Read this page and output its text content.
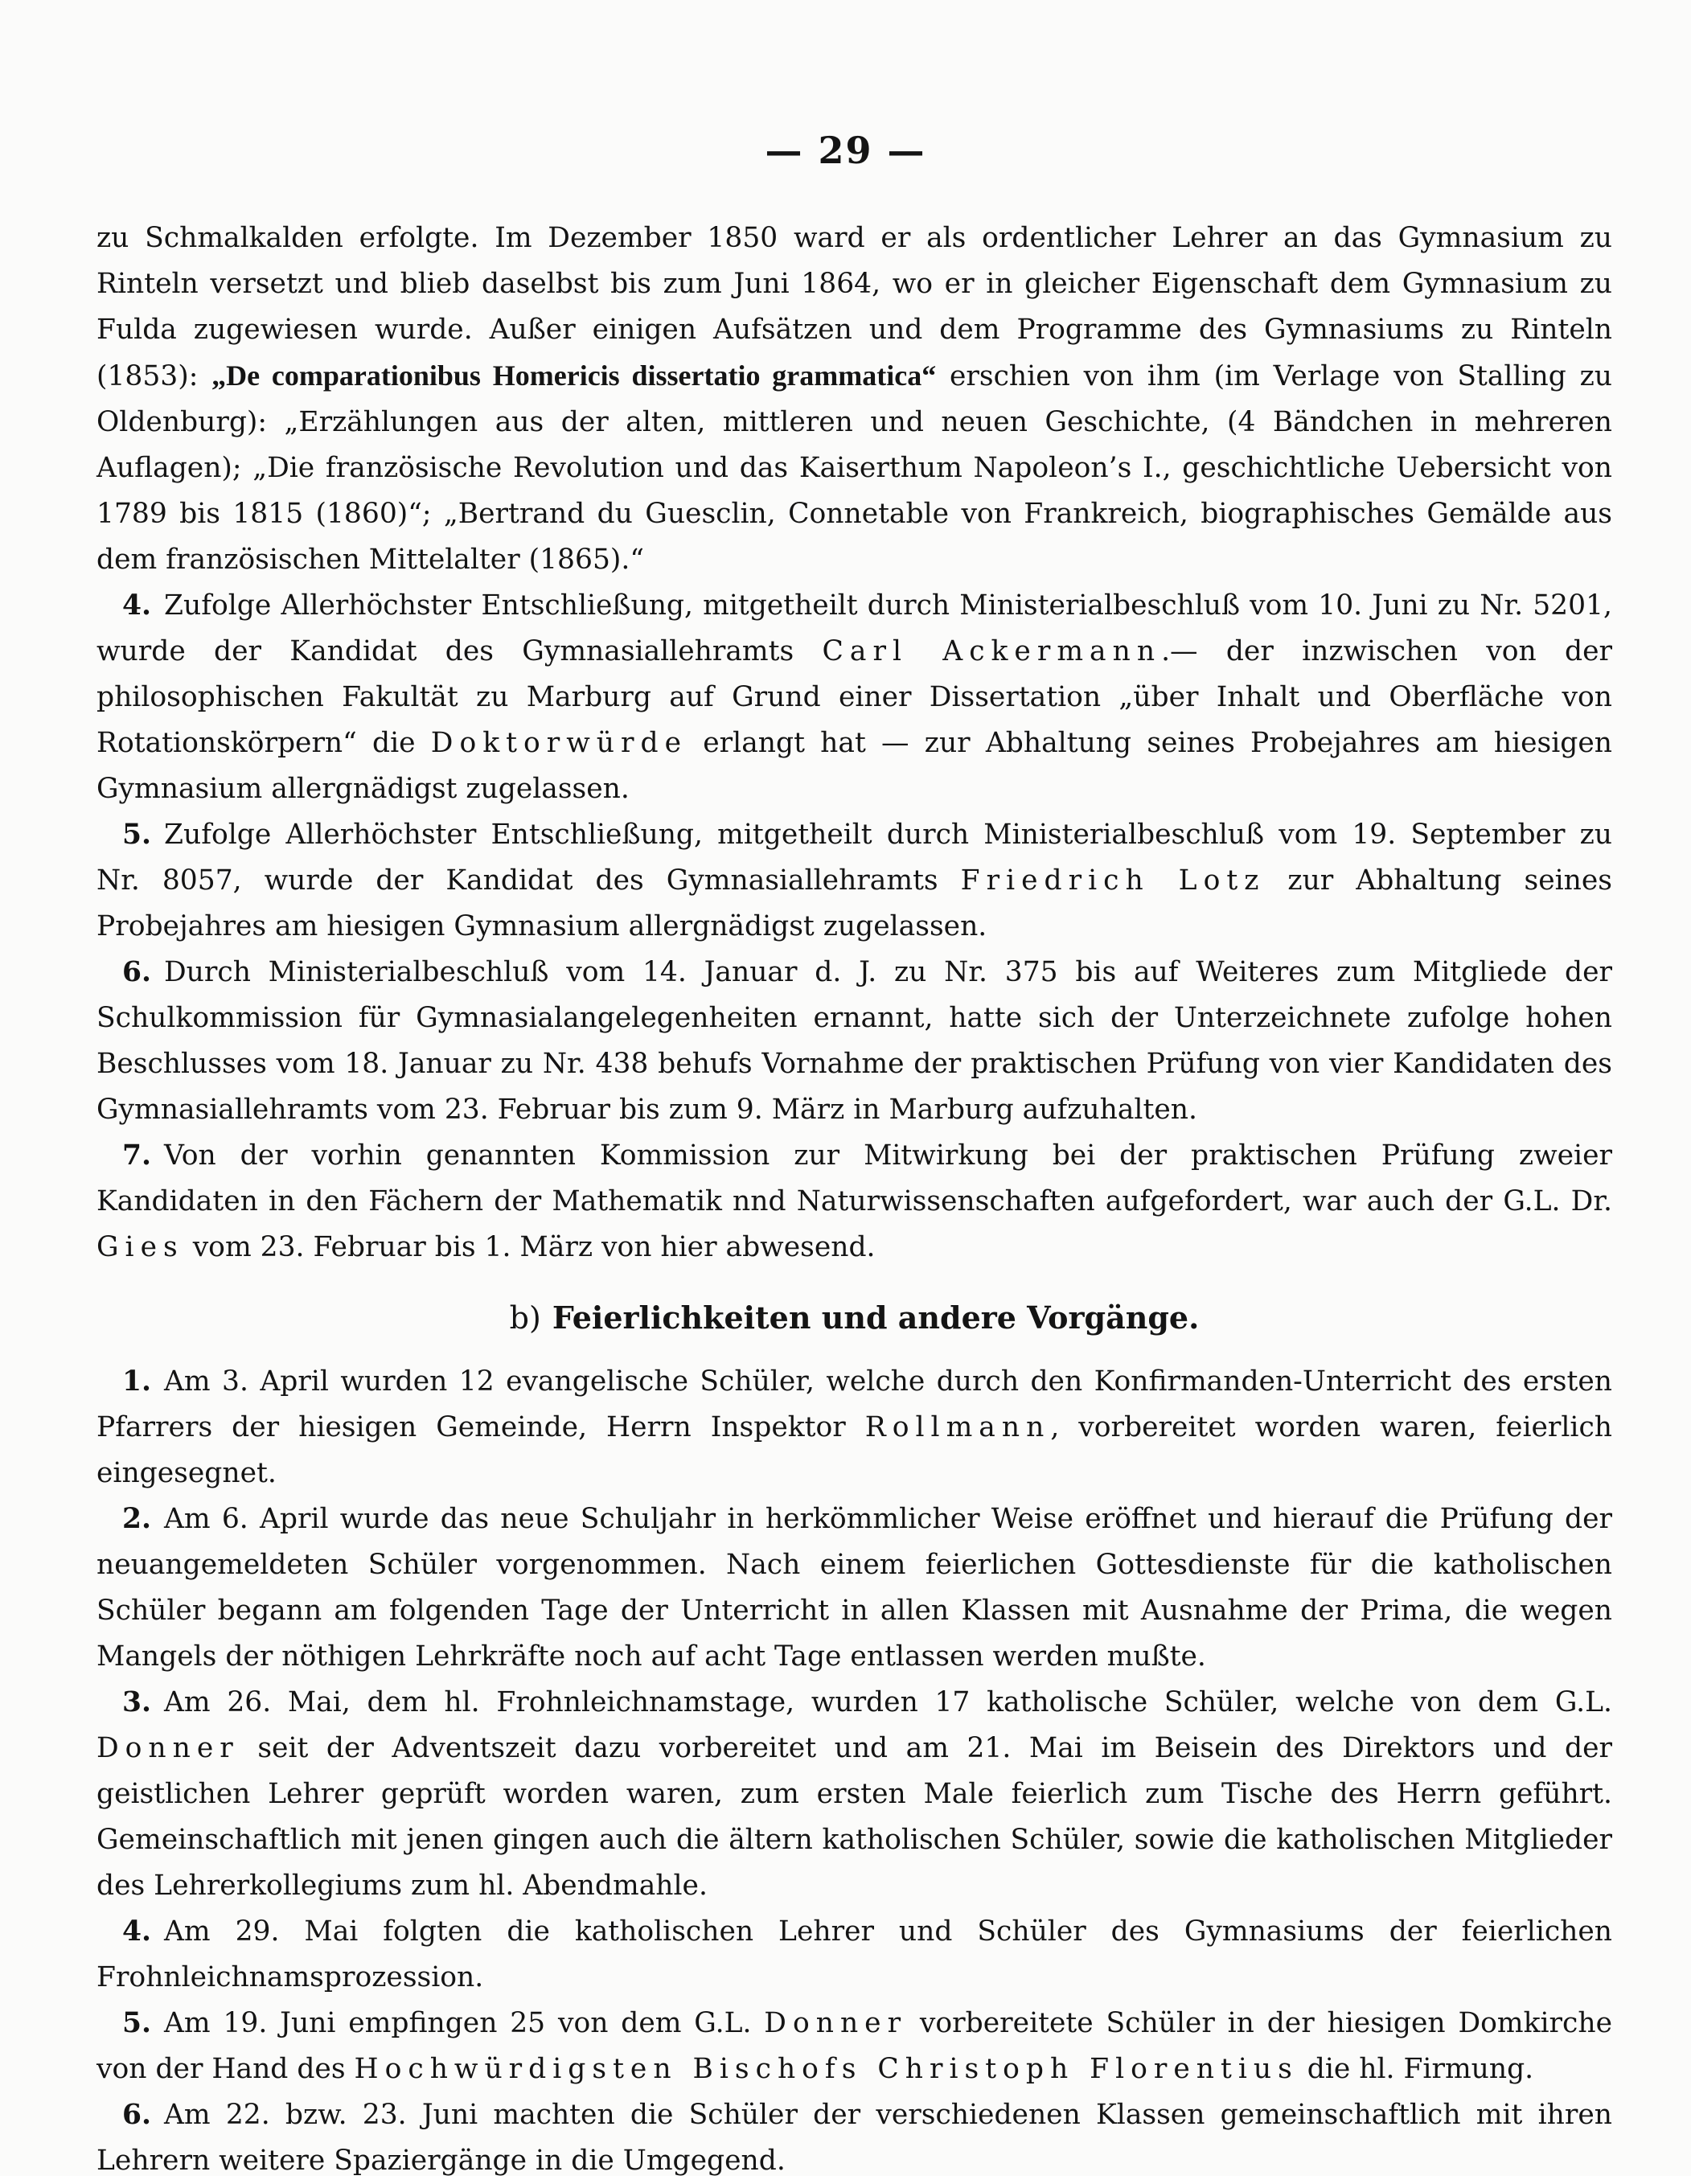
— 29 —

zu Schmalkalden erfolgte. Im Dezember 1850 ward er als ordentlicher Lehrer an das Gymnasium zu Rinteln versetzt und blieb daselbst bis zum Juni 1864, wo er in gleicher Eigenschaft dem Gymnasium zu Fulda zugewiesen wurde. Außer einigen Aufsätzen und dem Programme des Gymnasiums zu Rinteln (1853): „De comparationibus Homericis dissertatio grammatica“ erschien von ihm (im Verlage von Stalling zu Oldenburg): „Erzählungen aus der alten, mittleren und neuen Geschichte, (4 Bändchen in mehreren Auflagen); „Die französische Revolution und das Kaiserthum Napoleon’s I., geschichtliche Uebersicht von 1789 bis 1815 (1860)“; „Bertrand du Guesclin, Connetable von Frankreich, biographisches Gemälde aus dem französischen Mittelalter (1865).“

4. Zufolge Allerhöchster Entschließung, mitgetheilt durch Ministerialbeschluß vom 10. Juni zu Nr. 5201, wurde der Kandidat des Gymnasiallehramts Carl Ackermann.— der inzwischen von der philosophischen Fakultät zu Marburg auf Grund einer Dissertation „über Inhalt und Oberfläche von Rotationskörpern“ die Doktorwürde erlangt hat — zur Abhaltung seines Probejahres am hiesigen Gymnasium allergnädigst zugelassen.

5. Zufolge Allerhöchster Entschließung, mitgetheilt durch Ministerialbeschluß vom 19. September zu Nr. 8057, wurde der Kandidat des Gymnasiallehramts Friedrich Lotz zur Abhaltung seines Probejahres am hiesigen Gymnasium allergnädigst zugelassen.

6. Durch Ministerialbeschluß vom 14. Januar d. J. zu Nr. 375 bis auf Weiteres zum Mitgliede der Schulkommission für Gymnasialangelegenheiten ernannt, hatte sich der Unterzeichnete zufolge hohen Beschlusses vom 18. Januar zu Nr. 438 behufs Vornahme der praktischen Prüfung von vier Kandidaten des Gymnasiallehramts vom 23. Februar bis zum 9. März in Marburg aufzuhalten.

7. Von der vorhin genannten Kommission zur Mitwirkung bei der praktischen Prüfung zweier Kandidaten in den Fächern der Mathematik nnd Naturwissenschaften aufgefordert, war auch der G.L. Dr. Gies vom 23. Februar bis 1. März von hier abwesend.

b) Feierlichkeiten und andere Vorgänge.

1. Am 3. April wurden 12 evangelische Schüler, welche durch den Konfirmanden-Unterricht des ersten Pfarrers der hiesigen Gemeinde, Herrn Inspektor Rollmann, vorbereitet worden waren, feierlich eingesegnet.

2. Am 6. April wurde das neue Schuljahr in herkömmlicher Weise eröffnet und hierauf die Prüfung der neuangemeldeten Schüler vorgenommen. Nach einem feierlichen Gottesdienste für die katholischen Schüler begann am folgenden Tage der Unterricht in allen Klassen mit Ausnahme der Prima, die wegen Mangels der nöthigen Lehrkräfte noch auf acht Tage entlassen werden mußte.

3. Am 26. Mai, dem hl. Frohnleichnamstage, wurden 17 katholische Schüler, welche von dem G.L. Donner seit der Adventszeit dazu vorbereitet und am 21. Mai im Beisein des Direktors und der geistlichen Lehrer geprüft worden waren, zum ersten Male feierlich zum Tische des Herrn geführt. Gemeinschaftlich mit jenen gingen auch die ältern katholischen Schüler, sowie die katholischen Mitglieder des Lehrerkollegiums zum hl. Abendmahle.

4. Am 29. Mai folgten die katholischen Lehrer und Schüler des Gymnasiums der feierlichen Frohnleichnamsprozession.

5. Am 19. Juni empfingen 25 von dem G.L. Donner vorbereitete Schüler in der hiesigen Domkirche von der Hand des Hochwürdigsten Bischofs Christoph Florentius die hl. Firmung.

6. Am 22. bzw. 23. Juni machten die Schüler der verschiedenen Klassen gemeinschaftlich mit ihren Lehrern weitere Spaziergänge in die Umgegend.
